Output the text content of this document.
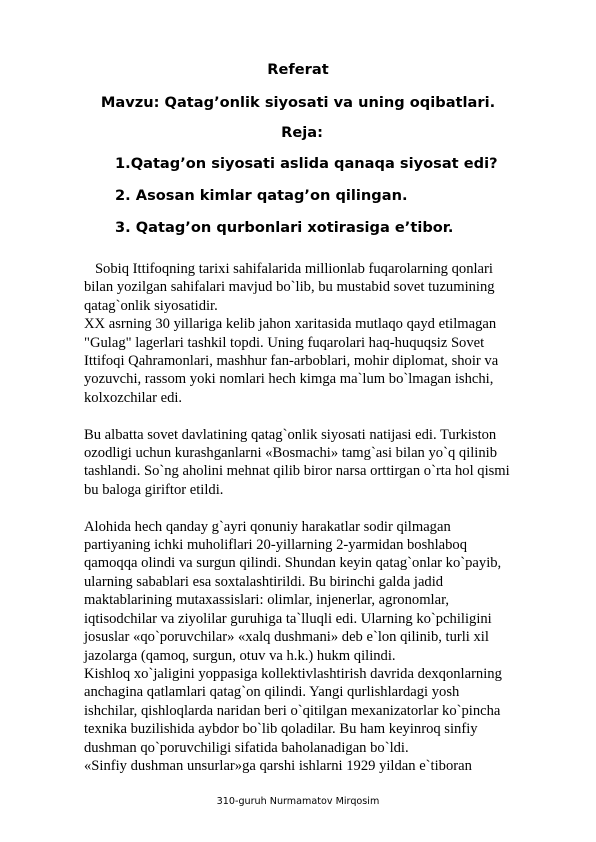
Referat
Mavzu: Qatag’onlik siyosati va uning oqibatlari.
Reja:
1.Qatag’on siyosati aslida qanaqa siyosat edi?
2. Asosan kimlar qatag’on qilingan.
3. Qatag’on qurbonlari xotirasiga e’tibor.

Sobiq Ittifoqning tarixi sahifalarida millionlab fuqarolarning qonlari
bilan yozilgan sahifalari mavjud bo`lib, bu mustabid sovet tuzumining
qatag`onlik siyosatidir.
XX asrning 30 yillariga kelib jahon xaritasida mutlaqo qayd etilmagan
"Gulag" lagerlari tashkil topdi. Uning fuqarolari haq-huquqsiz Sovet
Ittifoqi Qahramonlari, mashhur fan-arboblari, mohir diplomat, shoir va
yozuvchi, rassom yoki nomlari hech kimga ma`lum bo`lmagan ishchi,
kolxozchilar edi.

Bu albatta sovet davlatining qatag`onlik siyosati natijasi edi. Turkiston
ozodligi uchun kurashganlarni «Bosmachi» tamg`asi bilan yo`q qilinib
tashlandi. So`ng aholini mehnat qilib biror narsa orttirgan o`rta hol qismi
bu baloga giriftor etildi.

Alohida hech qanday g`ayri qonuniy harakatlar sodir qilmagan
partiyaning ichki muholiflari 20-yillarning 2-yarmidan boshlaboq
qamoqqa olindi va surgun qilindi. Shundan keyin qatag`onlar ko`payib,
ularning sabablari esa soxtalashtirildi. Bu birinchi galda jadid
maktablarining mutaxassislari: olimlar, injenerlar, agronomlar,
iqtisodchilar va ziyolilar guruhiga ta`lluqli edi. Ularning ko`pchiligini
josuslar «qo`poruvchilar» «xalq dushmani» deb e`lon qilinib, turli xil
jazolarga (qamoq, surgun, otuv va h.k.) hukm qilindi.
Kishloq xo`jaligini yoppasiga kollektivlashtirish davrida dexqonlarning
anchagina qatlamlari qatag`on qilindi. Yangi qurlishlardagi yosh
ishchilar, qishloqlarda naridan beri o`qitilgan mexanizatorlar ko`pincha
texnika buzilishida aybdor bo`lib qoladilar. Bu ham keyinroq sinfiy
dushman qo`poruvchiligi sifatida baholanadigan bo`ldi.
«Sinfiy dushman unsurlar»ga qarshi ishlarni 1929 yildan e`tiboran

310-guruh Nurmamatov Mirqosim
